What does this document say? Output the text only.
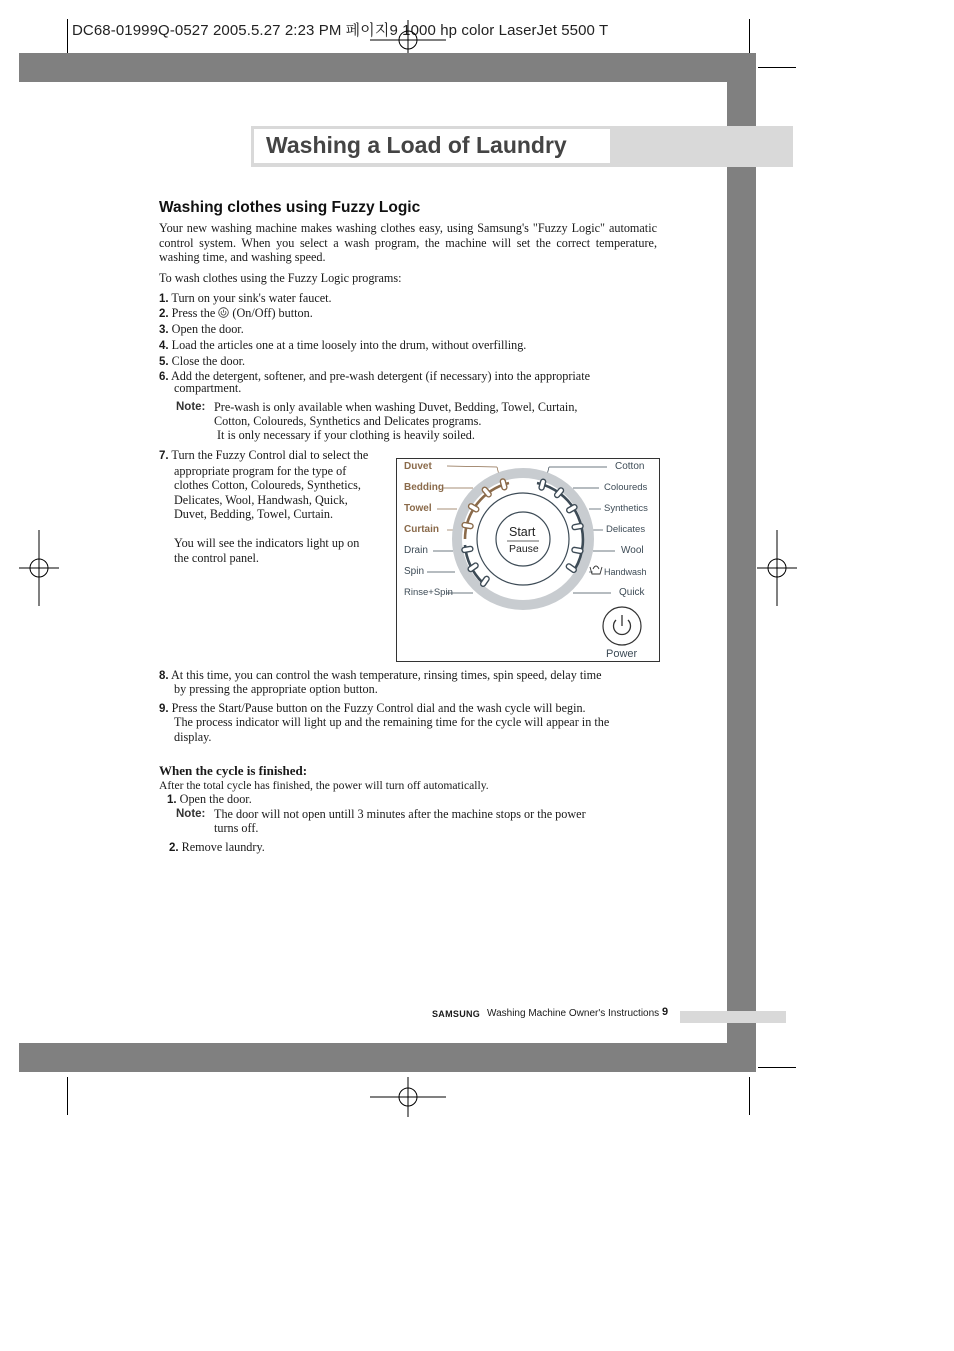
DC68-01999Q-0527 2005.5.27 2:23 PM 페이지9 1000 hp color LaserJet 5500 T
Washing a Load of Laundry
Washing clothes using Fuzzy Logic
Your new washing machine makes washing clothes easy, using Samsung's "Fuzzy Logic" automatic control system. When you select a wash program, the machine will set the correct temperature, washing time, and washing speed.
To wash clothes using the Fuzzy Logic programs:
1. Turn on your sink's water faucet.
2. Press the (On/Off) button.
3. Open the door.
4. Load the articles one at a time loosely into the drum, without overfilling.
5. Close the door.
6. Add the detergent, softener, and pre-wash detergent (if necessary) into the appropriate
compartment.
Note: Pre-wash is only available when washing Duvet, Bedding, Towel, Curtain,
Cotton, Coloureds, Synthetics and Delicates programs.
It is only necessary if your clothing is heavily soiled.
7. Turn the Fuzzy Control dial to select the
appropriate program for the type of
clothes Cotton, Coloureds, Synthetics,
Delicates, Wool, Handwash, Quick,
Duvet, Bedding, Towel, Curtain.
You will see the indicators light up on
the control panel.
Duvet
Bedding
Towel
Curtain
Drain
Spin
Rinse+Spin
Cotton
Coloureds
Synthetics
Delicates
Wool
Handwash
Quick
Start
Pause
Power
8. At this time, you can control the wash temperature, rinsing times, spin speed, delay time
by pressing the appropriate option button.
9. Press the Start/Pause button on the Fuzzy Control dial and the wash cycle will begin.
The process indicator will light up and the remaining time for the cycle will appear in the
display.
When the cycle is finished:
After the total cycle has finished, the power will turn off automatically.
1. Open the door.
Note: The door will not open untill 3 minutes after the machine stops or the power
turns off.
2. Remove laundry.
SAMSUNG Washing Machine Owner's Instructions 9
